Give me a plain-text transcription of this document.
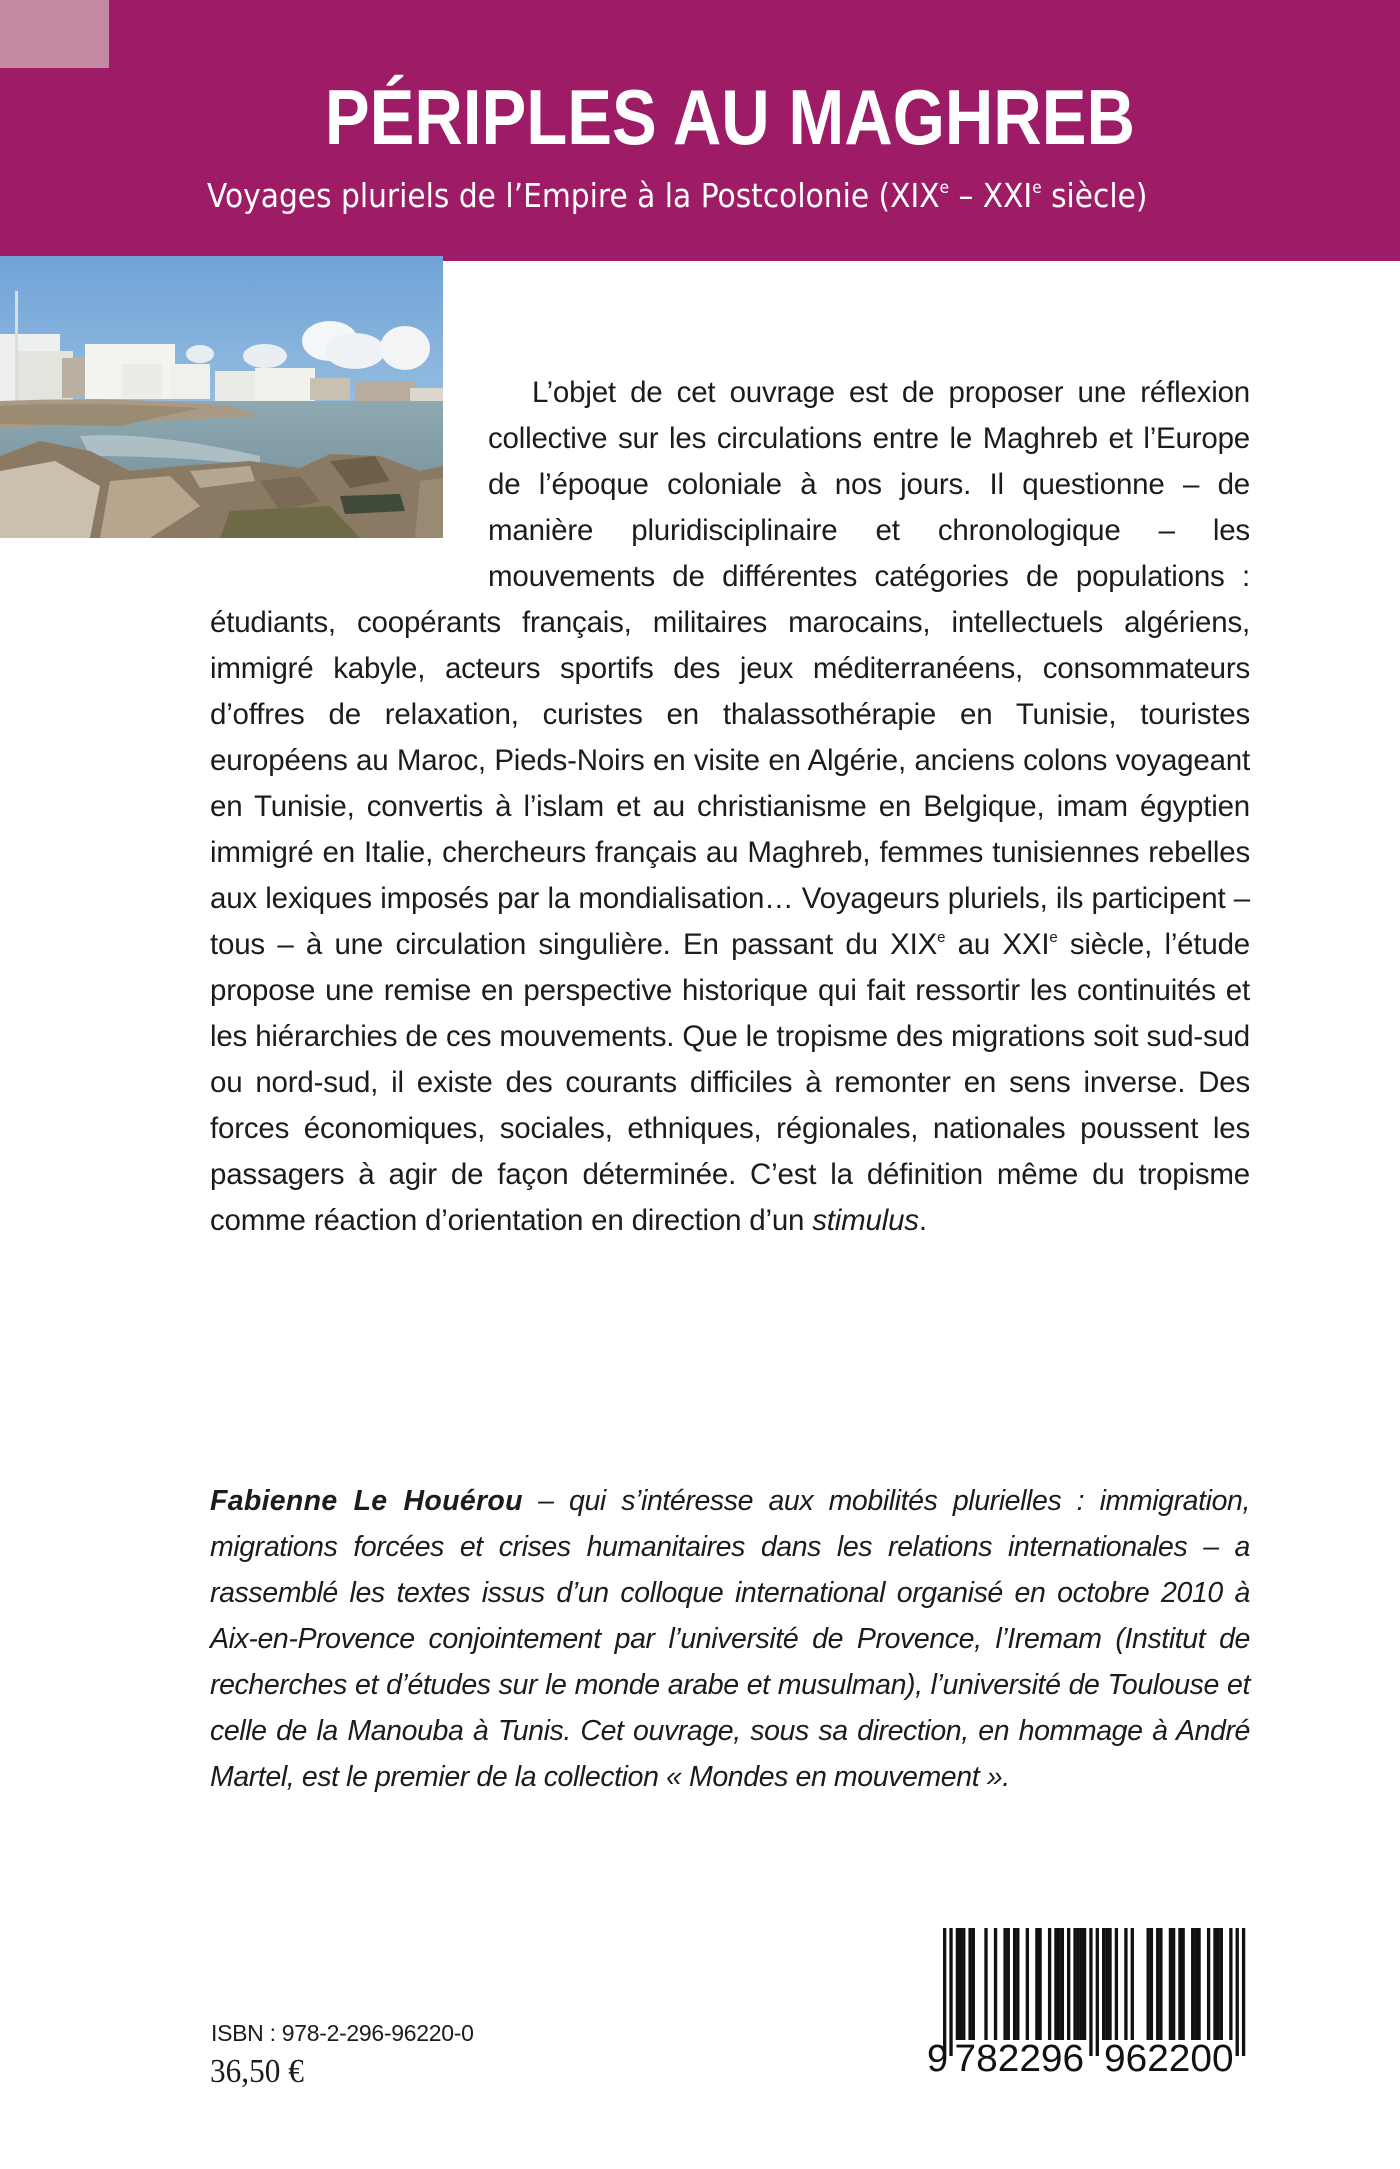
PÉRIPLES AU MAGHREB
Voyages pluriels de l’Empire à la Postcolonie (XIXe – XXIe siècle)
L’objet de cet ouvrage est de proposer une réflexion collective sur les circulations entre le Maghreb et l’Europe de l’époque coloniale à nos jours. Il questionne – de manière pluridisciplinaire et chronologique – les mouvements de différentes catégories de populations : étudiants, coopérants français, militaires marocains, intellectuels algériens, immigré kabyle, acteurs sportifs des jeux méditerranéens, consommateurs d’offres de relaxation, curistes en thalassothérapie en Tunisie, touristes européens au Maroc, Pieds-Noirs en visite en Algérie, anciens colons voyageant en Tunisie, convertis à l’islam et au christianisme en Belgique, imam égyptien immigré en Italie, chercheurs français au Maghreb, femmes tunisiennes rebelles aux lexiques imposés par la mondialisation… Voyageurs pluriels, ils participent – tous – à une circulation singulière. En passant du XIXe au XXIe siècle, l’étude propose une remise en perspective historique qui fait ressortir les continuités et les hiérarchies de ces mouvements. Que le tropisme des migrations soit sud-sud ou nord-sud, il existe des courants difficiles à remonter en sens inverse. Des forces économiques, sociales, ethniques, régionales, nationales poussent les passagers à agir de façon déterminée. C’est la définition même du tropisme comme réaction d’orientation en direction d’un stimulus.
Fabienne Le Houérou – qui s’intéresse aux mobilités plurielles : immigration, migrations forcées et crises humanitaires dans les relations internationales – a rassemblé les textes issus d’un colloque international organisé en octobre 2010 à Aix-en-Provence conjointement par l’université de Provence, l’Iremam (Institut de recherches et d’études sur le monde arabe et musulman), l’université de Toulouse et celle de la Manouba à Tunis. Cet ouvrage, sous sa direction, en hommage à André Martel, est le premier de la collection « Mondes en mouvement ».
ISBN : 978-2-296-96220-0
36,50 €	9 782296 962200
